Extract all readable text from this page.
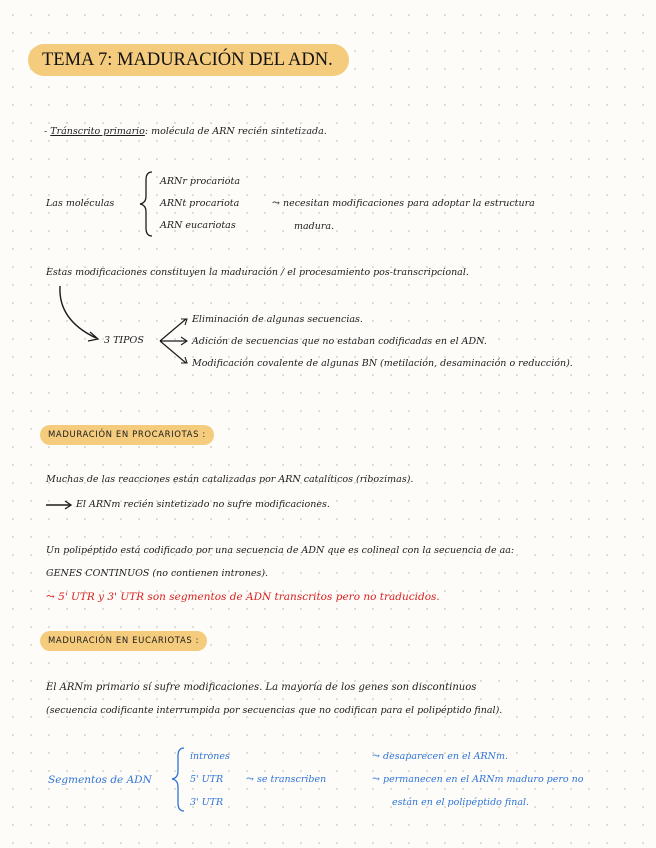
TEMA 7: MADURACIÓN DEL ADN.
- Tránscrito primario: molécula de ARN recién sintetizada.
Las moléculas
ARNr procariota
ARNt procariota
ARN eucariotas
⤳ necesitan modificaciones para adoptar la estructura
madura.
Estas modificaciones constituyen la maduración / el procesamiento pos-transcripcional.
3 TIPOS
Eliminación de algunas secuencias.
Adición de secuencias que no estaban codificadas en el ADN.
Modificación covalente de algunas BN (metilación, desaminación o reducción).
MADURACIÓN EN PROCARIOTAS :
Muchas de las reacciones están catalizadas por ARN catalíticos (ribozimas).
El ARNm recién sintetizado no sufre modificaciones.
Un polipéptido está codificado por una secuencia de ADN que es colineal con la secuencia de aa:
GENES CONTINUOS (no contienen intrones).
⤳ 5' UTR y 3' UTR son segmentos de ADN transcritos pero no traducidos.
MADURACIÓN EN EUCARIOTAS :
El ARNm primario sí sufre modificaciones. La mayoría de los genes son discontinuos
(secuencia codificante interrumpida por secuencias que no codifican para el polipéptido final).
Segmentos de ADN
intrones
5' UTR
3' UTR
⤳ se transcriben
⤳ desaparecen en el ARNm.
⤳ permanecen en el ARNm maduro pero no
están en el polipéptido final.
